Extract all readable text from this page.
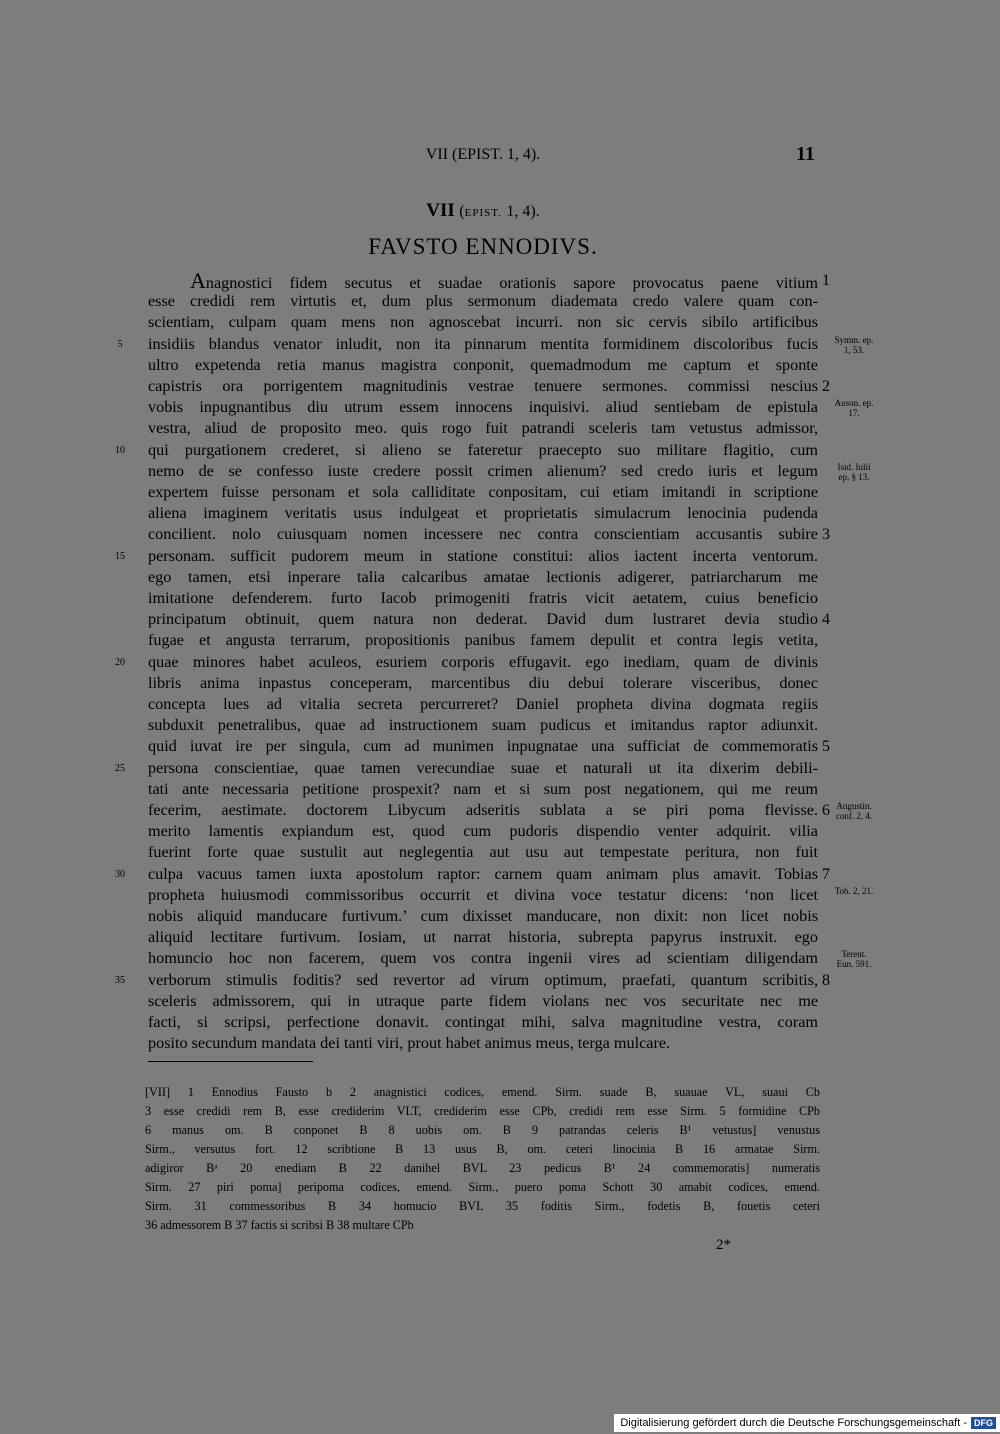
VII (EPIST. 1, 4).	11
VII (EPIST. 1, 4).
FAVSTO ENNODIVS.
Anagnostici fidem secutus et suadae orationis sapore provocatus paene vitium
esse credidi rem virtutis et, dum plus sermonum diademata credo valere quam con-
scientiam, culpam quam mens non agnoscebat incurri. non sic cervis sibilo artificibus
insidiis blandus venator inludit, non ita pinnarum mentita formidinem discoloribus fucis
ultro expetenda retia manus magistra conponit, quemadmodum me captum et sponte
capistris ora porrigentem magnitudinis vestrae tenuere sermones. commissi nescius
vobis inpugnantibus diu utrum essem innocens inquisivi. aliud sentiebam de epistula
vestra, aliud de proposito meo. quis rogo fuit patrandi sceleris tam vetustus admissor,
qui purgationem crederet, si alieno se fateretur praecepto suo militare flagitio, cum
nemo de se confesso iuste credere possit crimen alienum? sed credo iuris et legum
expertem fuisse personam et sola calliditate conpositam, cui etiam imitandi in scriptione
aliena imaginem veritatis usus indulgeat et proprietatis simulacrum lenocinia pudenda
concilient. nolo cuiusquam nomen incessere nec contra conscientiam accusantis subire
personam. sufficit pudorem meum in statione constitui: alios iactent incerta ventorum.
ego tamen, etsi inperare talia calcaribus amatae lectionis adigerer, patriarcharum me
imitatione defenderem. furto Iacob primogeniti fratris vicit aetatem, cuius beneficio
principatum obtinuit, quem natura non dederat. David dum lustraret devia studio
fugae et angusta terrarum, propositionis panibus famem depulit et contra legis vetita,
quae minores habet aculeos, esuriem corporis effugavit. ego inediam, quam de divinis
libris anima inpastus conceperam, marcentibus diu debui tolerare visceribus, donec
concepta lues ad vitalia secreta percurreret? Daniel propheta divina dogmata regiis
subduxit penetralibus, quae ad instructionem suam pudicus et imitandus raptor adiunxit.
quid iuvat ire per singula, cum ad munimen inpugnatae una sufficiat de commemoratis
persona conscientiae, quae tamen verecundiae suae et naturali ut ita dixerim debili-
tati ante necessaria petitione prospexit? nam et si sum post negationem, qui me reum
fecerim, aestimate. doctorem Libycum adseritis sublata a se piri poma flevisse.
merito lamentis expiandum est, quod cum pudoris dispendio venter adquirit. vilia
fuerint forte quae sustulit aut neglegentia aut usu aut tempestate peritura, non fuit
culpa vacuus tamen iuxta apostolum raptor: carnem quam animam plus amavit. Tobias
propheta huiusmodi commissoribus occurrit et divina voce testatur dicens: ‘non licet
nobis aliquid manducare furtivum.’ cum dixisset manducare, non dixit: non licet nobis
aliquid lectitare furtivum. Iosiam, ut narrat historia, subrepta papyrus instruxit. ego
homuncio hoc non facerem, quem vos contra ingenii vires ad scientiam diligendam
verborum stimulis foditis? sed revertor ad virum optimum, praefati, quantum scribitis,
sceleris admissorem, qui in utraque parte fidem violans nec vos securitate nec me
facti, si scripsi, perfectione donavit. contingat mihi, salva magnitudine vestra, coram
posito secundum mandata dei tanti viri, prout habet animus meus, terga mulcare.
5
10
15
20
25
30
35
1
2
3
4
5
6
7
8
Symm. ep.
1, 53.
Auson. ep.
17.
Isid. Iulii
ep. § 13.
Augustin.
conf. 2, 4.
Tob. 2, 21.
Terent.
Eun. 591.
[VII] 1 Ennodius Fausto b 2 anagnistici codices, emend. Sirm. suade B, suauae VL, suaui Cb
3 esse credidi rem B, esse crediderim VLT, crediderim esse CPb, credidi rem esse Sirm. 5 formidine CPb
6 manus om. B conponet B 8 uobis om. B 9 patrandas celeris B¹ vetustus] venustus
Sirm., versutus fort. 12 scribtione B 13 usus B, om. ceteri linocinia B 16 armatae Sirm.
adigiror Bᵃ 20 enediam B 22 danihel BVL 23 pedicus B¹ 24 commemoratis] numeratis
Sirm. 27 piri poma] peripoma codices, emend. Sirm., puero poma Schott 30 amabit codices, emend.
Sirm. 31 commessoribus B 34 homucio BVL 35 foditis Sirm., fodetis B, fouetis ceteri
36 admessorem B 37 factis si scribsi B 38 multare CPb
2*
Digitalisierung gefördert durch die Deutsche Forschungsgemeinschaft - DFG
